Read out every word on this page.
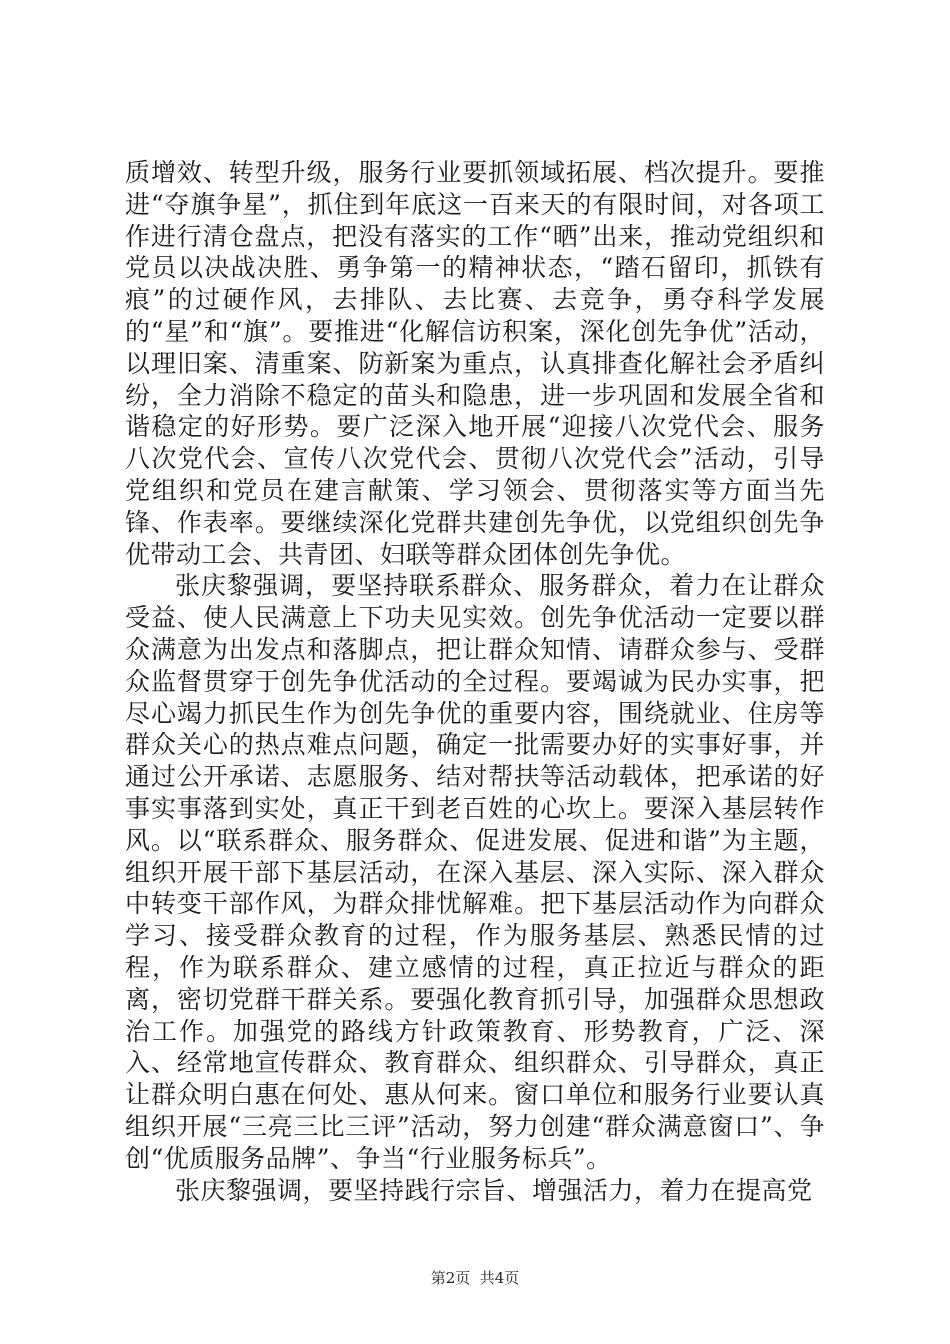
质增效、转型升级，服务行业要抓领域拓展、档次提升。要推进“夺旗争星”，抓住到年底这一百来天的有限时间，对各项工作进行清仓盘点，把没有落实的工作“晒”出来，推动党组织和党员以决战决胜、勇争第一的精神状态，“踏石留印，抓铁有痕”的过硬作风，去排队、去比赛、去竞争，勇夺科学发展的“星”和“旗”。要推进“化解信访积案，深化创先争优”活动，以理旧案、清重案、防新案为重点，认真排查化解社会矛盾纠纷，全力消除不稳定的苗头和隐患，进一步巩固和发展全省和谐稳定的好形势。要广泛深入地开展“迎接八次党代会、服务八次党代会、宣传八次党代会、贯彻八次党代会”活动，引导党组织和党员在建言献策、学习领会、贯彻落实等方面当先锋、作表率。要继续深化党群共建创先争优，以党组织创先争优带动工会、共青团、妇联等群众团体创先争优。

张庆黎强调，要坚持联系群众、服务群众，着力在让群众受益、使人民满意上下功夫见实效。创先争优活动一定要以群众满意为出发点和落脚点，把让群众知情、请群众参与、受群众监督贯穿于创先争优活动的全过程。要竭诚为民办实事，把尽心竭力抓民生作为创先争优的重要内容，围绕就业、住房等群众关心的热点难点问题，确定一批需要办好的实事好事，并通过公开承诺、志愿服务、结对帮扶等活动载体，把承诺的好事实事落到实处，真正干到老百姓的心坎上。要深入基层转作风。以“联系群众、服务群众、促进发展、促进和谐”为主题，组织开展干部下基层活动，在深入基层、深入实际、深入群众中转变干部作风，为群众排忧解难。把下基层活动作为向群众学习、接受群众教育的过程，作为服务基层、熟悉民情的过程，作为联系群众、建立感情的过程，真正拉近与群众的距离，密切党群干群关系。要强化教育抓引导，加强群众思想政治工作。加强党的路线方针政策教育、形势教育，广泛、深入、经常地宣传群众、教育群众、组织群众、引导群众，真正让群众明白惠在何处、惠从何来。窗口单位和服务行业要认真组织开展“三亮三比三评”活动，努力创建“群众满意窗口”、争创“优质服务品牌”、争当“行业服务标兵”。

张庆黎强调，要坚持践行宗旨、增强活力，着力在提高党

第2页  共4页
